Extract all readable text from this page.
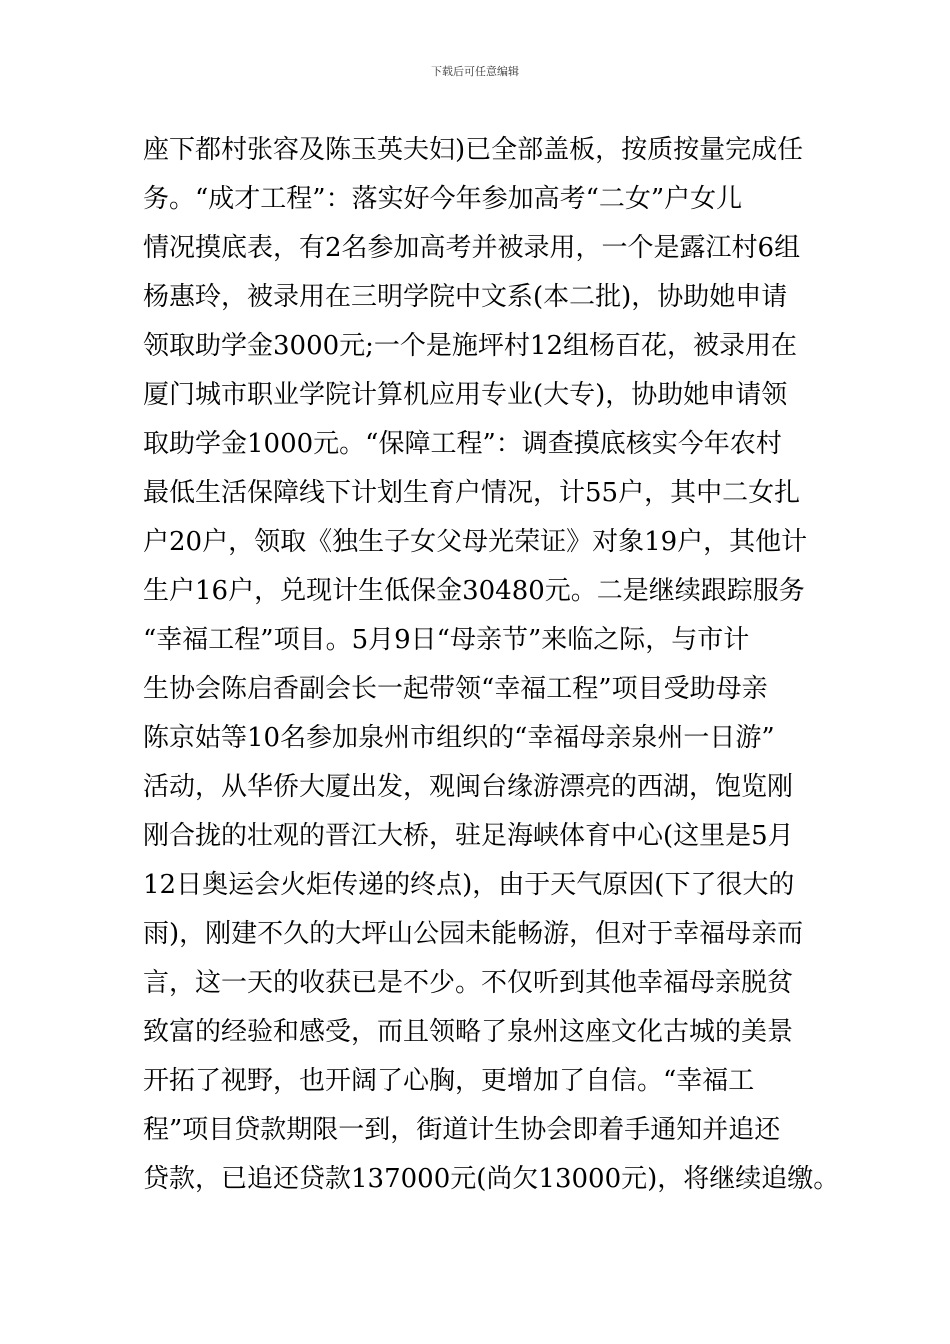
下载后可任意编辑
座下都村张容及陈玉英夫妇)已全部盖板，按质按量完成任
务。“成才工程”：落实好今年参加高考“二女”户女儿
情况摸底表，有2名参加高考并被录用，一个是露江村6组
杨惠玲，被录用在三明学院中文系(本二批)，协助她申请
领取助学金3000元;一个是施坪村12组杨百花，被录用在
厦门城市职业学院计算机应用专业(大专)，协助她申请领
取助学金1000元。“保障工程”：调查摸底核实今年农村
最低生活保障线下计划生育户情况，计55户，其中二女扎
户20户，领取《独生子女父母光荣证》对象19户，其他计
生户16户，兑现计生低保金30480元。二是继续跟踪服务
“幸福工程”项目。5月9日“母亲节”来临之际，与市计
生协会陈启香副会长一起带领“幸福工程”项目受助母亲
陈京姑等10名参加泉州市组织的“幸福母亲泉州一日游”
活动，从华侨大厦出发，观闽台缘游漂亮的西湖，饱览刚
刚合拢的壮观的晋江大桥，驻足海峡体育中心(这里是5月
12日奥运会火炬传递的终点)，由于天气原因(下了很大的
雨)，刚建不久的大坪山公园未能畅游，但对于幸福母亲而
言，这一天的收获已是不少。不仅听到其他幸福母亲脱贫
致富的经验和感受，而且领略了泉州这座文化古城的美景
开拓了视野，也开阔了心胸，更增加了自信。“幸福工
程”项目贷款期限一到，街道计生协会即着手通知并追还
贷款，已追还贷款137000元(尚欠13000元)，将继续追缴。
